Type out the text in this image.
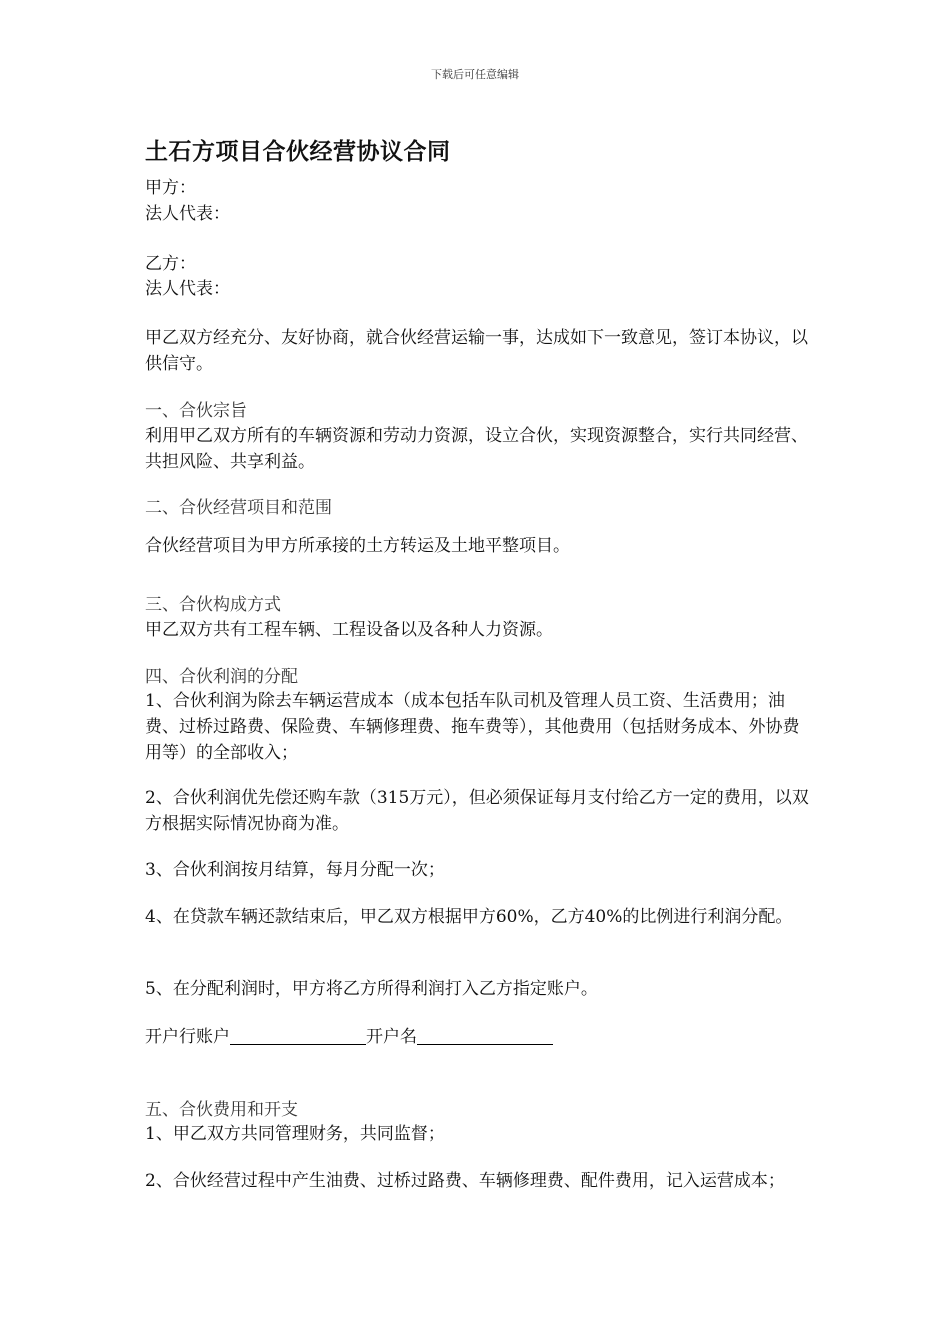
下载后可任意编辑
土石方项目合伙经营协议合同
甲方：
法人代表：
乙方：
法人代表：
甲乙双方经充分、友好协商，就合伙经营运输一事，达成如下一致意见，签订本协议，以供信守。
一、合伙宗旨
利用甲乙双方所有的车辆资源和劳动力资源，设立合伙，实现资源整合，实行共同经营、共担风险、共享利益。
二、合伙经营项目和范围
合伙经营项目为甲方所承接的土方转运及土地平整项目。
三、合伙构成方式
甲乙双方共有工程车辆、工程设备以及各种人力资源。
四、合伙利润的分配
1、合伙利润为除去车辆运营成本（成本包括车队司机及管理人员工资、生活费用；油费、过桥过路费、保险费、车辆修理费、拖车费等），其他费用（包括财务成本、外协费用等）的全部收入；
2、合伙利润优先偿还购车款（315万元），但必须保证每月支付给乙方一定的费用，以双方根据实际情况协商为准。
3、合伙利润按月结算，每月分配一次；
4、在贷款车辆还款结束后，甲乙双方根据甲方60%，乙方40%的比例进行利润分配。
5、在分配利润时，甲方将乙方所得利润打入乙方指定账户。
开户行账户	开户名
五、合伙费用和开支
1、甲乙双方共同管理财务，共同监督；
2、合伙经营过程中产生油费、过桥过路费、车辆修理费、配件费用，记入运营成本；
